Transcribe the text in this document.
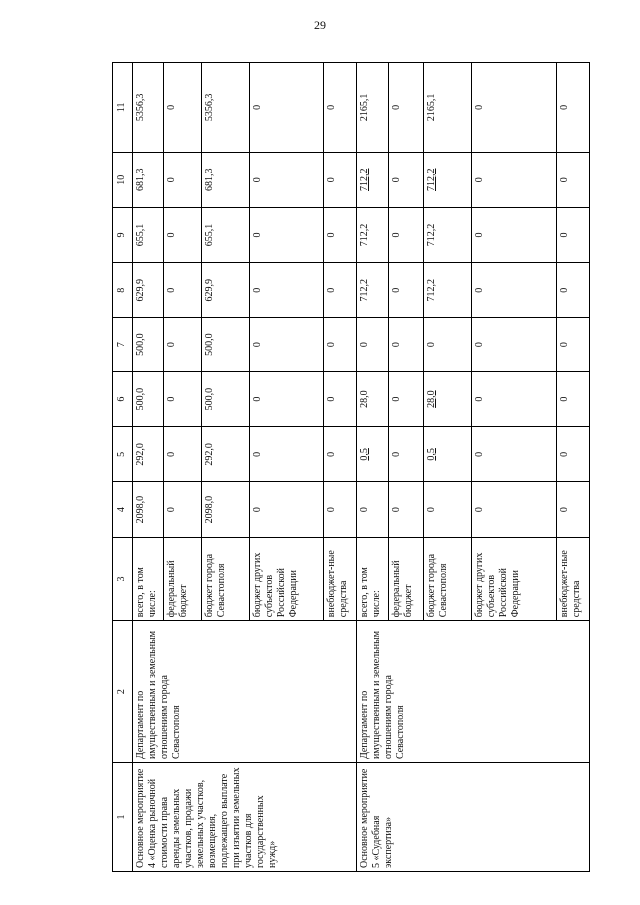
29
1	2	3	4	5	6	7	8	9	10	11
Основное мероприятие 4 «Оценка рыночной стоимости права аренды земельных участков, продажи земельных участков, возмещения, подлежащего выплате при изъятии земельных участков для государственных нужд»	Департамент по имущественным и земельным отношениям города Севастополя	всего, в том числе:	2098,0	292,0	500,0	500,0	629,9	655,1	681,3	5356,3
		федеральный бюджет	0	0	0	0	0	0	0	0
		бюджет города Севастополя	2098,0	292,0	500,0	500,0	629,9	655,1	681,3	5356,3
		бюджет других субъектов Российской Федерации	0	0	0	0	0	0	0	0
		внебюджет-ные средства	0	0	0	0	0	0	0	0
Основное мероприятие 5 «Судебная экспертиза»	Департамент по имущественным и земельным отношениям города Севастополя	всего, в том числе:	0	0,5	28,0	0	712,2	712,2	712,2	2165,1
		федеральный бюджет	0	0	0	0	0	0	0	0
		бюджет города Севастополя	0	0,5	28,0	0	712,2	712,2	712,2	2165,1
		бюджет других субъектов Российской Федерации	0	0	0	0	0	0	0	0
		внебюджет-ные средства	0	0	0	0	0	0	0	0
